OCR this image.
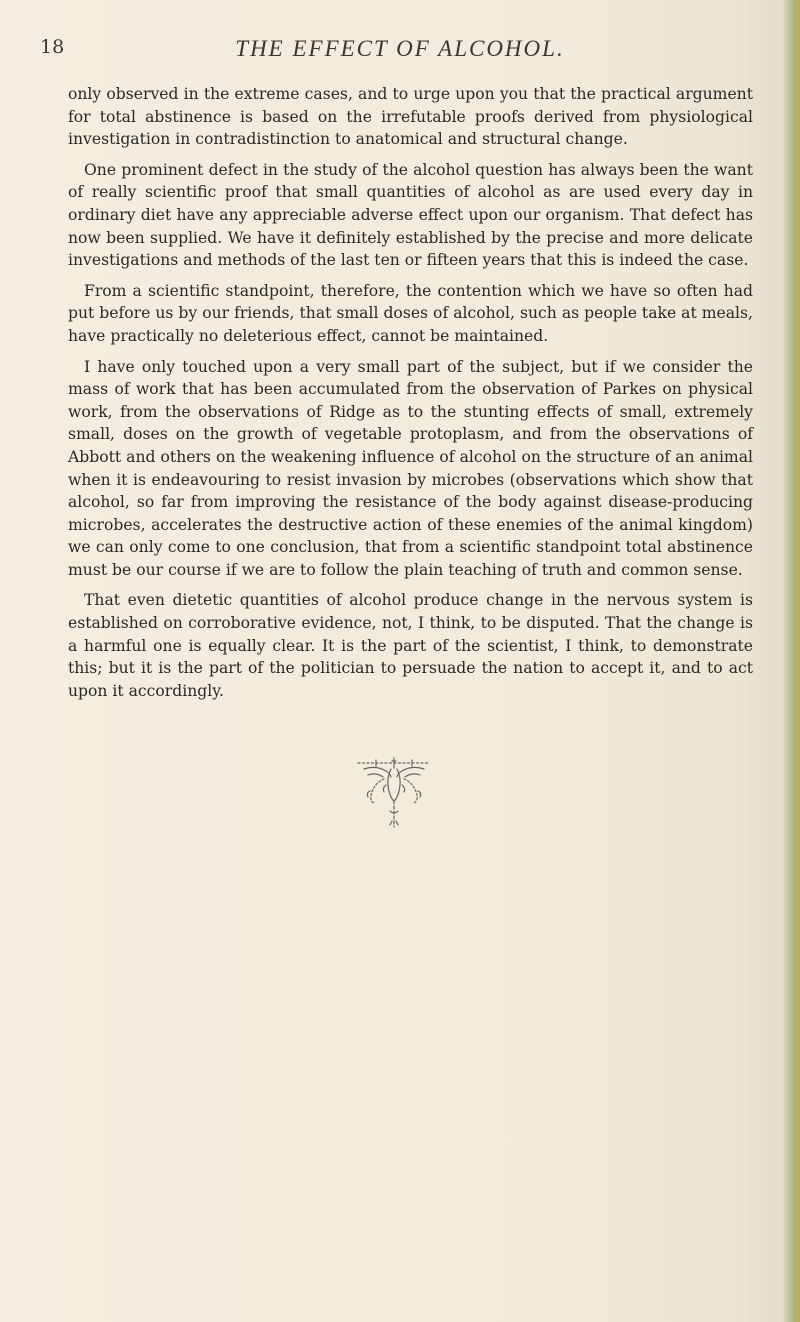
18	THE EFFECT OF ALCOHOL.

only observed in the extreme cases, and to urge upon you that the practical argument for total abstinence is based on the irrefutable proofs derived from physiological investigation in contradistinction to anatomical and structural change.

One prominent defect in the study of the alcohol question has always been the want of really scientific proof that small quantities of alcohol as are used every day in ordinary diet have any appreciable adverse effect upon our organism. That defect has now been supplied. We have it definitely established by the precise and more delicate investigations and methods of the last ten or fifteen years that this is indeed the case.

From a scientific standpoint, therefore, the contention which we have so often had put before us by our friends, that small doses of alcohol, such as people take at meals, have practically no deleterious effect, cannot be maintained.

I have only touched upon a very small part of the subject, but if we consider the mass of work that has been accumulated from the observation of Parkes on physical work, from the observations of Ridge as to the stunting effects of small, extremely small, doses on the growth of vegetable protoplasm, and from the observations of Abbott and others on the weakening influence of alcohol on the structure of an animal when it is endeavouring to resist invasion by microbes (observations which show that alcohol, so far from improving the resistance of the body against disease-producing microbes, accelerates the destructive action of these enemies of the animal kingdom) we can only come to one conclusion, that from a scientific standpoint total abstinence must be our course if we are to follow the plain teaching of truth and common sense.

That even dietetic quantities of alcohol produce change in the nervous system is established on corroborative evidence, not, I think, to be disputed. That the change is a harmful one is equally clear. It is the part of the scientist, I think, to demonstrate this; but it is the part of the politician to persuade the nation to accept it, and to act upon it accordingly.
